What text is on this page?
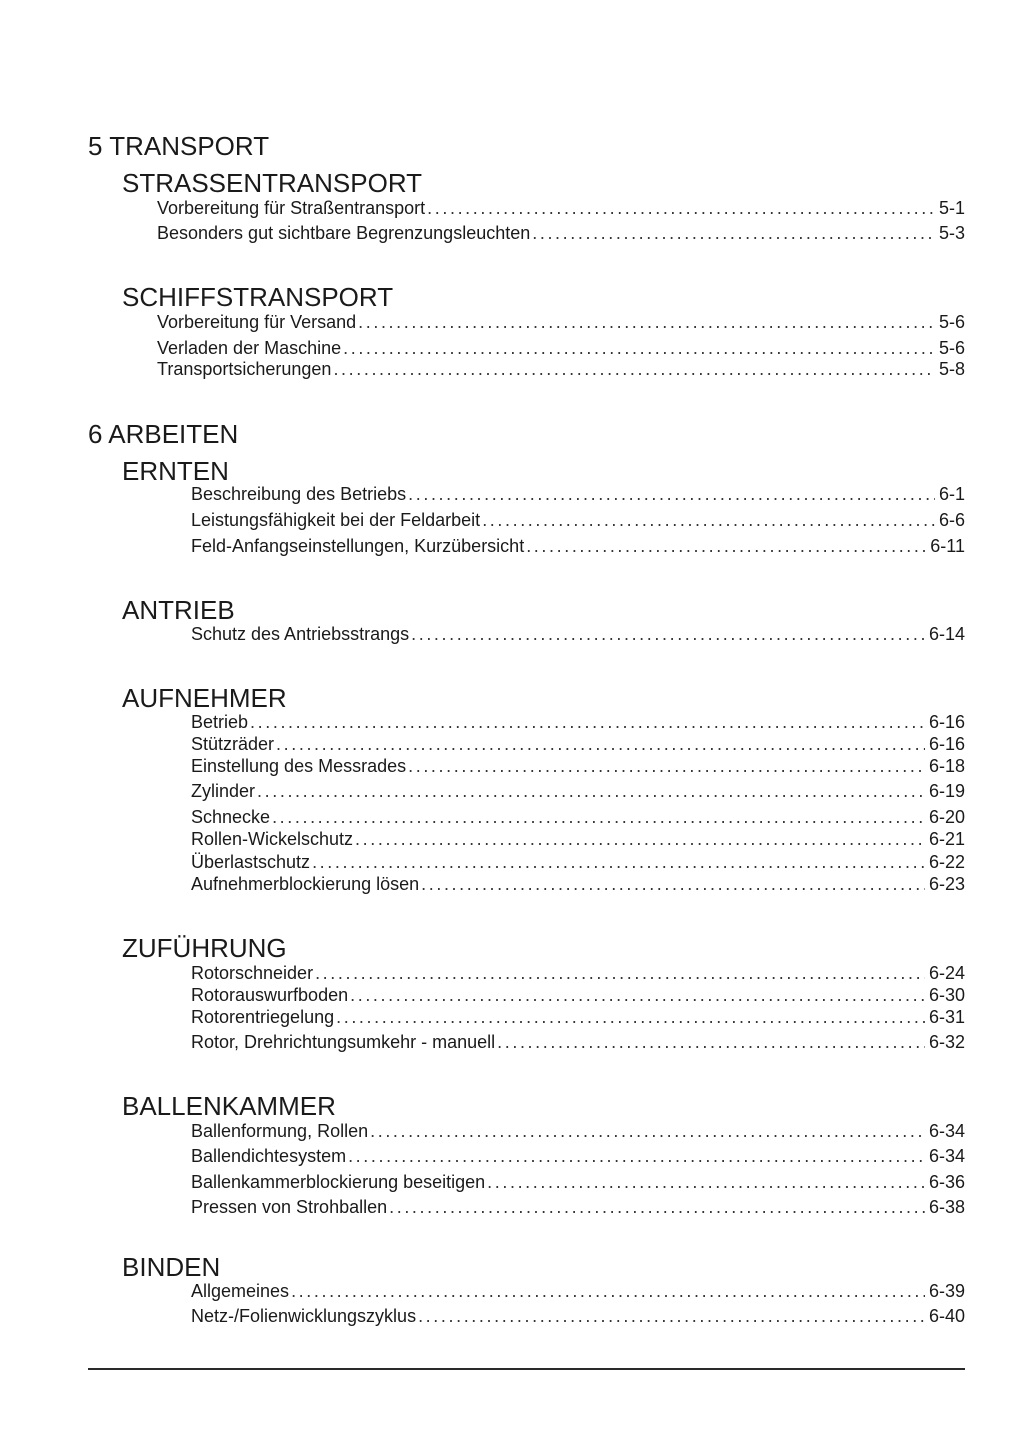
5 TRANSPORT
STRASSENTRANSPORT
Vorbereitung für Straßentransport . . .	5-1
Besonders gut sichtbare Begrenzungsleuchten . . .	5-3
SCHIFFSTRANSPORT
Vorbereitung für Versand . . .	5-6
Verladen der Maschine . . .	5-6
Transportsicherungen . . .	5-8
6 ARBEITEN
ERNTEN
Beschreibung des Betriebs . . .	6-1
Leistungsfähigkeit bei der Feldarbeit . . .	6-6
Feld-Anfangseinstellungen, Kurzübersicht . . .	6-11
ANTRIEB
Schutz des Antriebsstrangs . . .	6-14
AUFNEHMER
Betrieb . . .	6-16
Stützräder . . .	6-16
Einstellung des Messrades . . .	6-18
Zylinder . . .	6-19
Schnecke . . .	6-20
Rollen-Wickelschutz . . .	6-21
Überlastschutz . . .	6-22
Aufnehmerblockierung lösen . . .	6-23
ZUFÜHRUNG
Rotorschneider . . .	6-24
Rotorauswurfboden . . .	6-30
Rotorentriegelung . . .	6-31
Rotor, Drehrichtungsumkehr - manuell . . .	6-32
BALLENKAMMER
Ballenformung, Rollen . . .	6-34
Ballendichtesystem . . .	6-34
Ballenkammerblockierung beseitigen . . .	6-36
Pressen von Strohballen . . .	6-38
BINDEN
Allgemeines . . .	6-39
Netz-/Folienwicklungszyklus . . .	6-40
